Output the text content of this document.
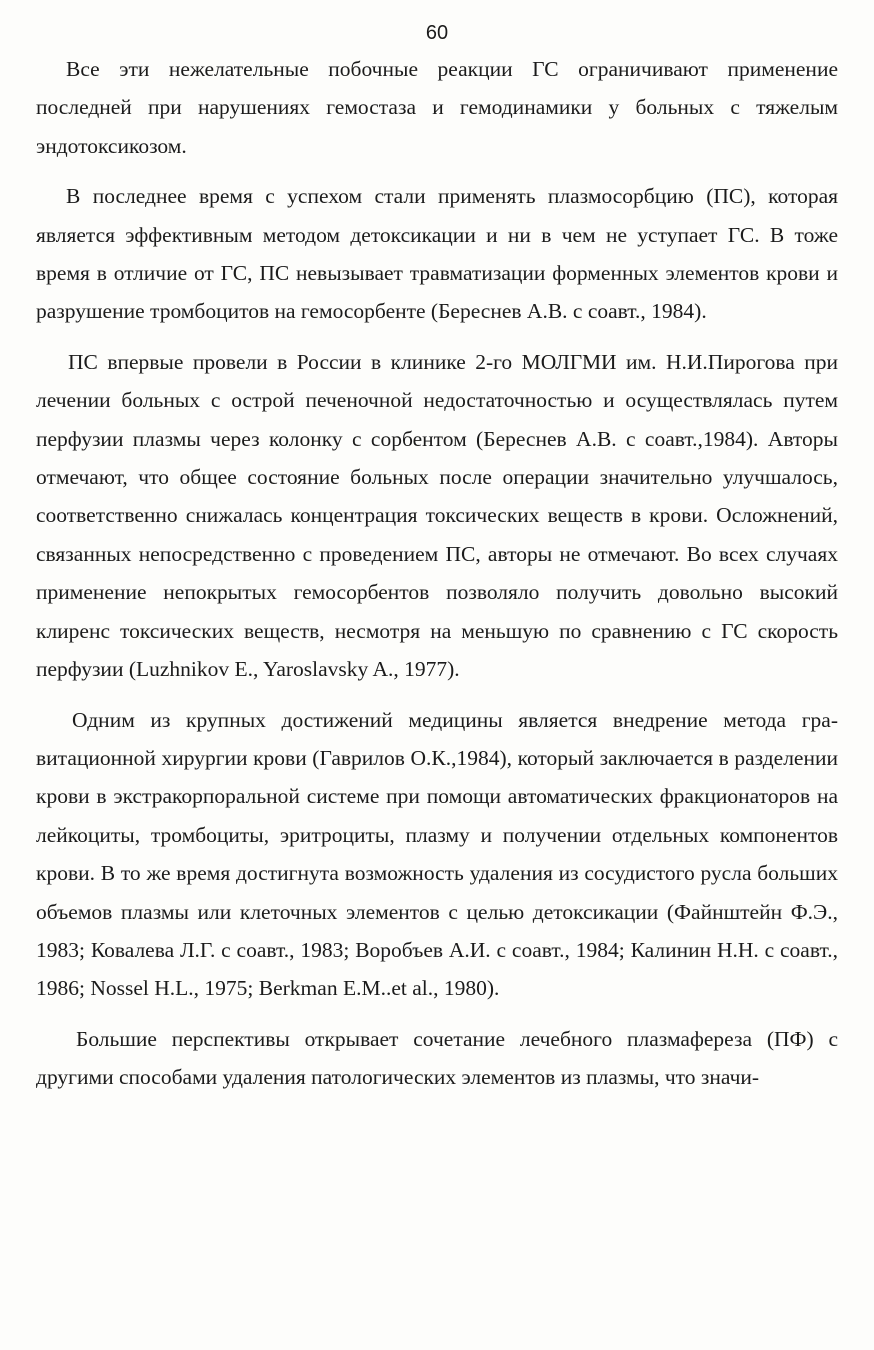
60

Все эти нежелательные побочные реакции ГС ограничивают применение последней при нарушениях гемостаза и гемодинамики у больных с тяжелым эндотоксикозом.

В последнее время с успехом стали применять плазмосорбцию (ПС), которая является эффективным методом детоксикации и ни в чем не уступает ГС. В тоже время в отличие от ГС, ПС невызывает травматизации форменных элементов крови и разрушение тромбоцитов на гемосорбенте (Береснев А.В. с соавт., 1984).

ПС впервые провели в России в клинике 2-го МОЛГМИ им. Н.И.Пирогова при лечении больных с острой печеночной недостаточностью и осуществлялась путем перфузии плазмы через колонку с сорбентом (Береснев А.В. с соавт.,1984). Авторы отмечают, что общее состояние больных после операции значительно улучшалось, соответственно снижалась концентрация токсических веществ в крови. Осложнений, связанных непосредственно с проведением ПС, авторы не отмечают. Во всех случаях применение непокрытых гемосорбентов позволяло получить довольно высокий клиренс токсических веществ, несмотря на меньшую по сравнению с ГС скорость перфузии (Luzhnikov E., Yaroslavsky A., 1977).

Одним из крупных достижений медицины является внедрение метода гравитационной хирургии крови (Гаврилов О.К.,1984), который заключается в разделении крови в экстракорпоральной системе при помощи автоматических фракционаторов на лейкоциты, тромбоциты, эритроциты, плазму и получении отдельных компонентов крови. В то же время достигнута возможность удаления из сосудистого русла больших объемов плазмы или клеточных элементов с целью детоксикации (Файнштейн Ф.Э., 1983; Ковалева Л.Г. с соавт., 1983; Воробъев А.И. с соавт., 1984; Калинин Н.Н. с соавт., 1986; Nossel H.L., 1975; Berkman E.M..et al., 1980).

Большие перспективы открывает сочетание лечебного плазмафереза (ПФ) с другими способами удаления патологических элементов из плазмы, что значи-
